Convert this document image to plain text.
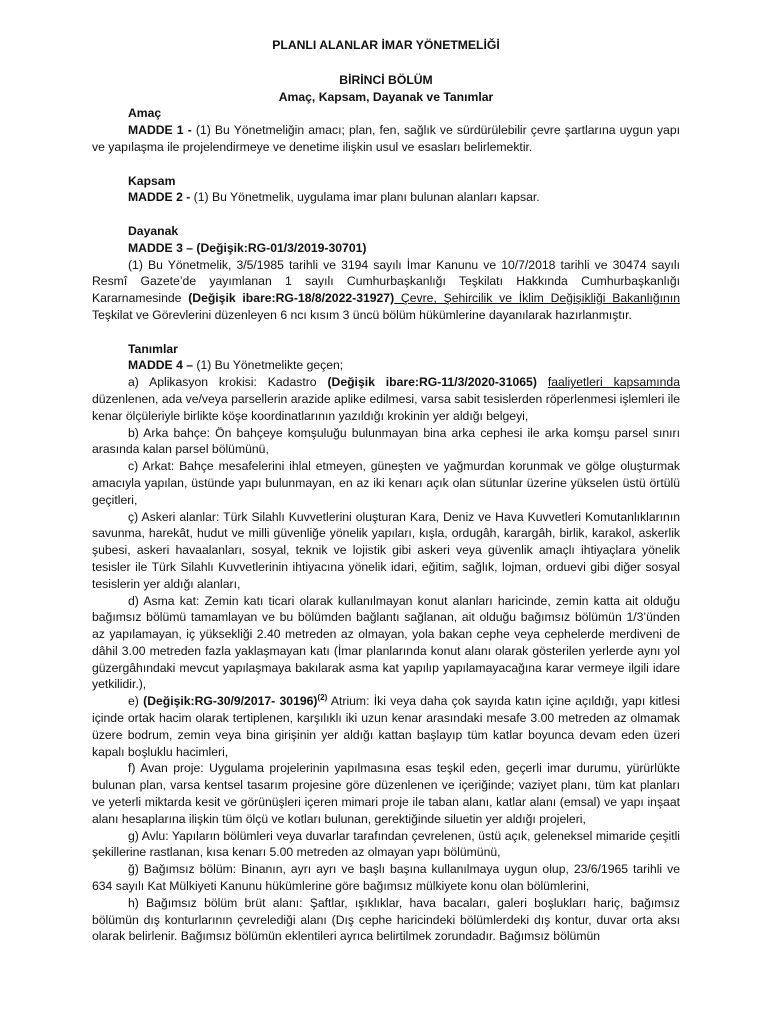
PLANLI ALANLAR İMAR YÖNETMELİĞİ
BİRİNCİ BÖLÜM
Amaç, Kapsam, Dayanak ve Tanımlar
Amaç

MADDE 1 - (1) Bu Yönetmeliğin amacı; plan, fen, sağlık ve sürdürülebilir çevre şartlarına uygun yapı ve yapılaşma ile projelendirmeye ve denetime ilişkin usul ve esasları belirlemektir.

Kapsam

MADDE 2 - (1) Bu Yönetmelik, uygulama imar planı bulunan alanları kapsar.

Dayanak
MADDE 3 – (Değişik:RG-01/3/2019-30701)

(1) Bu Yönetmelik, 3/5/1985 tarihli ve 3194 sayılı İmar Kanunu ve 10/7/2018 tarihli ve 30474 sayılı Resmî Gazete’de yayımlanan 1 sayılı Cumhurbaşkanlığı Teşkilatı Hakkında Cumhurbaşkanlığı Kararnamesinde (Değişik ibare:RG-18/8/2022-31927) Çevre, Şehircilik ve İklim Değişikliği Bakanlığının Teşkilat ve Görevlerini düzenleyen 6 ncı kısım 3 üncü bölüm hükümlerine dayanılarak hazırlanmıştır.

Tanımlar

MADDE 4 – (1) Bu Yönetmelikte geçen;

a) Aplikasyon krokisi: Kadastro (Değişik ibare:RG-11/3/2020-31065) faaliyetleri kapsamında düzenlenen, ada ve/veya parsellerin arazide aplike edilmesi, varsa sabit tesislerden röperlenmesi işlemleri ile kenar ölçüleriyle birlikte köşe koordinatlarının yazıldığı krokinin yer aldığı belgeyi,

b) Arka bahçe: Ön bahçeye komşuluğu bulunmayan bina arka cephesi ile arka komşu parsel sınırı arasında kalan parsel bölümünü,

c) Arkat: Bahçe mesafelerini ihlal etmeyen, güneşten ve yağmurdan korunmak ve gölge oluşturmak amacıyla yapılan, üstünde yapı bulunmayan, en az iki kenarı açık olan sütunlar üzerine yükselen üstü örtülü geçitleri,

ç) Askeri alanlar: Türk Silahlı Kuvvetlerini oluşturan Kara, Deniz ve Hava Kuvvetleri Komutanlıklarının savunma, harekât, hudut ve milli güvenliğe yönelik yapıları, kışla, ordugâh, karargâh, birlik, karakol, askerlik şubesi, askeri havaalanları, sosyal, teknik ve lojistik gibi askeri veya güvenlik amaçlı ihtiyaçlara yönelik tesisler ile Türk Silahlı Kuvvetlerinin ihtiyacına yönelik idari, eğitim, sağlık, lojman, orduevi gibi diğer sosyal tesislerin yer aldığı alanları,

d) Asma kat: Zemin katı ticari olarak kullanılmayan konut alanları haricinde, zemin katta ait olduğu bağımsız bölümü tamamlayan ve bu bölümden bağlantı sağlanan, ait olduğu bağımsız bölümün 1/3’ünden az yapılamayan, iç yüksekliği 2.40 metreden az olmayan, yola bakan cephe veya cephelerde merdiveni de dâhil 3.00 metreden fazla yaklaşmayan katı (İmar planlarında konut alanı olarak gösterilen yerlerde aynı yol güzergâhındaki mevcut yapılaşmaya bakılarak asma kat yapılıp yapılamayacağına karar vermeye ilgili idare yetkilidir.),

e) (Değişik:RG-30/9/2017- 30196)$^{(2)}$ Atrium: İki veya daha çok sayıda katın içine açıldığı, yapı kitlesi içinde ortak hacim olarak tertiplenen, karşılıklı iki uzun kenar arasındaki mesafe 3.00 metreden az olmamak üzere bodrum, zemin veya bina girişinin yer aldığı kattan başlayıp tüm katlar boyunca devam eden üzeri kapalı boşluklu hacimleri,

f) Avan proje: Uygulama projelerinin yapılmasına esas teşkil eden, geçerli imar durumu, yürürlükte bulunan plan, varsa kentsel tasarım projesine göre düzenlenen ve içeriğinde; vaziyet planı, tüm kat planları ve yeterli miktarda kesit ve görünüşleri içeren mimari proje ile taban alanı, katlar alanı (emsal) ve yapı inşaat alanı hesaplarına ilişkin tüm ölçü ve kotları bulunan, gerektiğinde siluetin yer aldığı projeleri,

g) Avlu: Yapıların bölümleri veya duvarlar tarafından çevrelenen, üstü açık, geleneksel mimaride çeşitli şekillerine rastlanan, kısa kenarı 5.00 metreden az olmayan yapı bölümünü,

ğ) Bağımsız bölüm: Binanın, ayrı ayrı ve başlı başına kullanılmaya uygun olup, 23/6/1965 tarihli ve 634 sayılı Kat Mülkiyeti Kanunu hükümlerine göre bağımsız mülkiyete konu olan bölümlerini,

h) Bağımsız bölüm brüt alanı: Şaftlar, ışıklıklar, hava bacaları, galeri boşlukları hariç, bağımsız bölümün dış konturlarının çevrelediği alanı (Dış cephe haricindeki bölümlerdeki dış kontur, duvar orta aksı olarak belirlenir. Bağımsız bölümün eklentileri ayrıca belirtilmek zorundadır. Bağımsız bölümün
